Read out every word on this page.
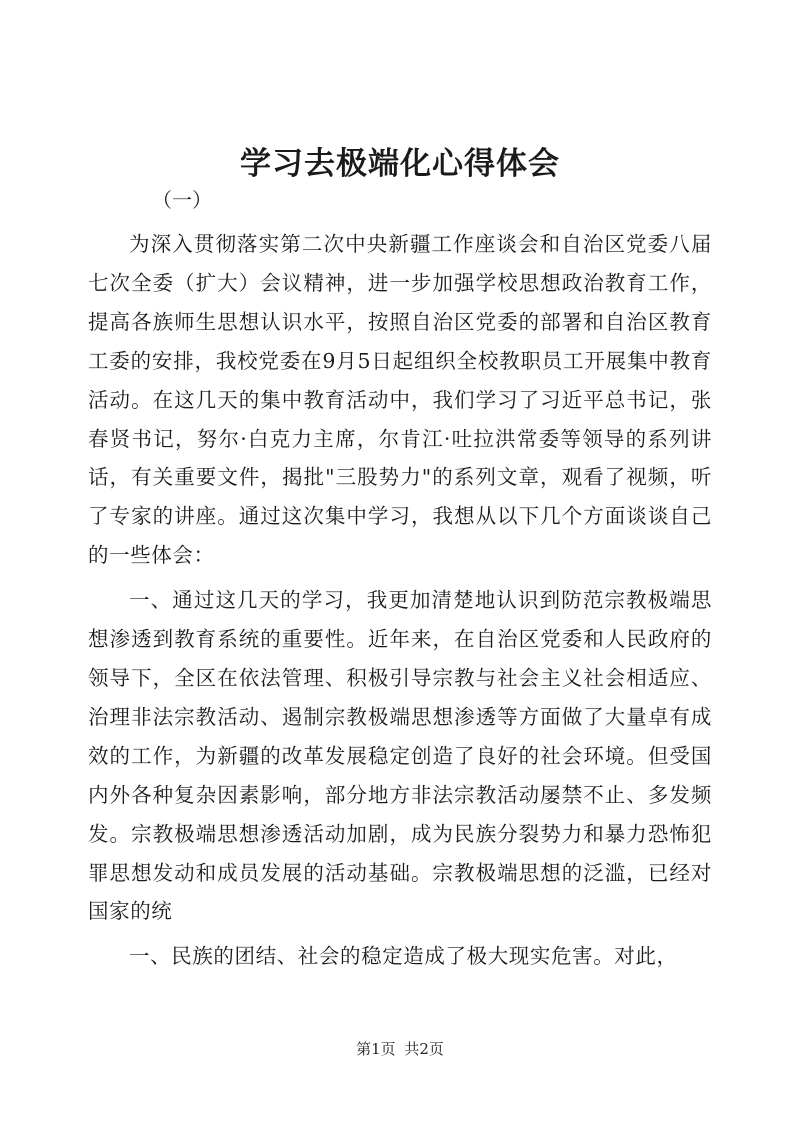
学习去极端化心得体会

（一）

为深入贯彻落实第二次中央新疆工作座谈会和自治区党委八届七次全委（扩大）会议精神，进一步加强学校思想政治教育工作，提高各族师生思想认识水平，按照自治区党委的部署和自治区教育工委的安排，我校党委在9月5日起组织全校教职员工开展集中教育活动。在这几天的集中教育活动中，我们学习了习近平总书记，张春贤书记，努尔·白克力主席，尔肯江·吐拉洪常委等领导的系列讲话，有关重要文件，揭批"三股势力"的系列文章，观看了视频，听了专家的讲座。通过这次集中学习，我想从以下几个方面谈谈自己的一些体会：

一、通过这几天的学习，我更加清楚地认识到防范宗教极端思想渗透到教育系统的重要性。近年来，在自治区党委和人民政府的领导下，全区在依法管理、积极引导宗教与社会主义社会相适应、治理非法宗教活动、遏制宗教极端思想渗透等方面做了大量卓有成效的工作，为新疆的改革发展稳定创造了良好的社会环境。但受国内外各种复杂因素影响，部分地方非法宗教活动屡禁不止、多发频发。宗教极端思想渗透活动加剧，成为民族分裂势力和暴力恐怖犯罪思想发动和成员发展的活动基础。宗教极端思想的泛滥，已经对国家的统

一、民族的团结、社会的稳定造成了极大现实危害。对此，

第1页 共2页
